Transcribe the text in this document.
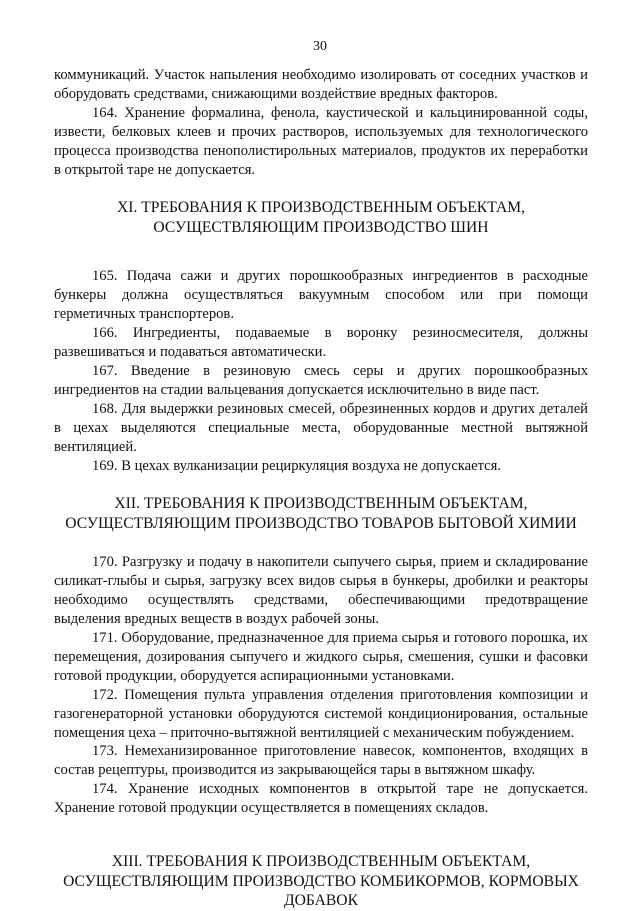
30

коммуникаций. Участок напыления необходимо изолировать от соседних участков и оборудовать средствами, снижающими воздействие вредных факторов.

164. Хранение формалина, фенола, каустической и кальцинированной соды, извести, белковых клеев и прочих растворов, используемых для технологического процесса производства пенополистирольных материалов, продуктов их переработки в открытой таре не допускается.

XI. ТРЕБОВАНИЯ К ПРОИЗВОДСТВЕННЫМ ОБЪЕКТАМ,
ОСУЩЕСТВЛЯЮЩИМ ПРОИЗВОДСТВО ШИН

165. Подача сажи и других порошкообразных ингредиентов в расходные бункеры должна осуществляться вакуумным способом или при помощи герметичных транспортеров.

166. Ингредиенты, подаваемые в воронку резиносмесителя, должны развешиваться и подаваться автоматически.

167. Введение в резиновую смесь серы и других порошкообразных ингредиентов на стадии вальцевания допускается исключительно в виде паст.

168. Для выдержки резиновых смесей, обрезиненных кордов и других деталей в цехах выделяются специальные места, оборудованные местной вытяжной вентиляцией.

169. В цехах вулканизации рециркуляция воздуха не допускается.

XII. ТРЕБОВАНИЯ К ПРОИЗВОДСТВЕННЫМ ОБЪЕКТАМ,
ОСУЩЕСТВЛЯЮЩИМ ПРОИЗВОДСТВО ТОВАРОВ БЫТОВОЙ ХИМИИ

170. Разгрузку и подачу в накопители сыпучего сырья, прием и складирование силикат-глыбы и сырья, загрузку всех видов сырья в бункеры, дробилки и реакторы необходимо осуществлять средствами, обеспечивающими предотвращение выделения вредных веществ в воздух рабочей зоны.

171. Оборудование, предназначенное для приема сырья и готового порошка, их перемещения, дозирования сыпучего и жидкого сырья, смешения, сушки и фасовки готовой продукции, оборудуется аспирационными установками.

172. Помещения пульта управления отделения приготовления композиции и газогенераторной установки оборудуются системой кондиционирования, остальные помещения цеха – приточно-вытяжной вентиляцией с механическим побуждением.

173. Немеханизированное приготовление навесок, компонентов, входящих в состав рецептуры, производится из закрывающейся тары в вытяжном шкафу.

174. Хранение исходных компонентов в открытой таре не допускается. Хранение готовой продукции осуществляется в помещениях складов.

XIII. ТРЕБОВАНИЯ К ПРОИЗВОДСТВЕННЫМ ОБЪЕКТАМ,
ОСУЩЕСТВЛЯЮЩИМ ПРОИЗВОДСТВО КОМБИКОРМОВ, КОРМОВЫХ
ДОБАВОК
